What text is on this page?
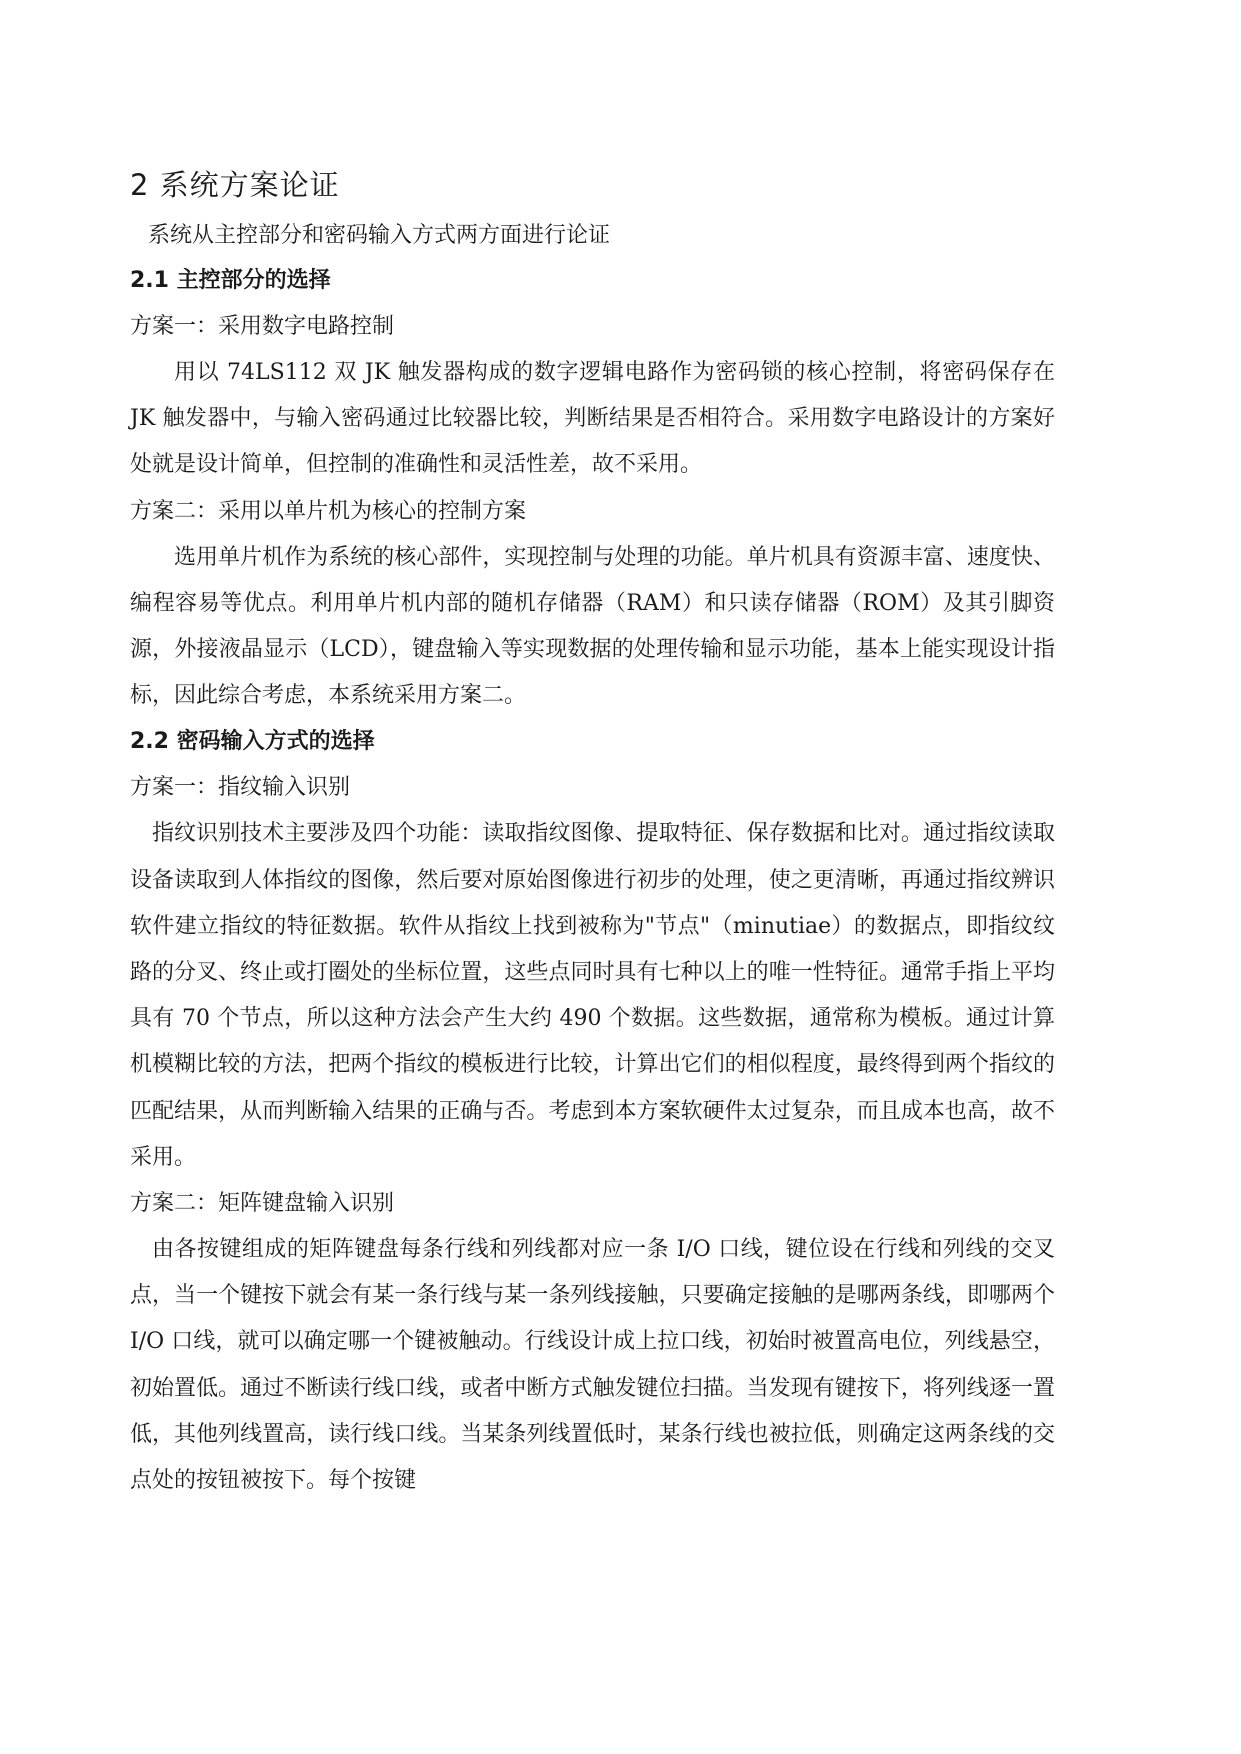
2 系统方案论证

系统从主控部分和密码输入方式两方面进行论证

2.1 主控部分的选择

方案一：采用数字电路控制

用以 74LS112 双 JK 触发器构成的数字逻辑电路作为密码锁的核心控制，将密码保存在 JK 触发器中，与输入密码通过比较器比较，判断结果是否相符合。采用数字电路设计的方案好处就是设计简单，但控制的准确性和灵活性差，故不采用。

方案二：采用以单片机为核心的控制方案

选用单片机作为系统的核心部件，实现控制与处理的功能。单片机具有资源丰富、速度快、编程容易等优点。利用单片机内部的随机存储器（RAM）和只读存储器（ROM）及其引脚资源，外接液晶显示（LCD），键盘输入等实现数据的处理传输和显示功能，基本上能实现设计指标，因此综合考虑，本系统采用方案二。

2.2 密码输入方式的选择

方案一：指纹输入识别

指纹识别技术主要涉及四个功能：读取指纹图像、提取特征、保存数据和比对。通过指纹读取设备读取到人体指纹的图像，然后要对原始图像进行初步的处理，使之更清晰，再通过指纹辨识软件建立指纹的特征数据。软件从指纹上找到被称为"节点"（minutiae）的数据点，即指纹纹路的分叉、终止或打圈处的坐标位置，这些点同时具有七种以上的唯一性特征。通常手指上平均具有 70 个节点，所以这种方法会产生大约 490 个数据。这些数据，通常称为模板。通过计算机模糊比较的方法，把两个指纹的模板进行比较，计算出它们的相似程度，最终得到两个指纹的匹配结果，从而判断输入结果的正确与否。考虑到本方案软硬件太过复杂，而且成本也高，故不采用。

方案二：矩阵键盘输入识别

由各按键组成的矩阵键盘每条行线和列线都对应一条 I/O 口线，键位设在行线和列线的交叉点，当一个键按下就会有某一条行线与某一条列线接触，只要确定接触的是哪两条线，即哪两个 I/O 口线，就可以确定哪一个键被触动。行线设计成上拉口线，初始时被置高电位，列线悬空，初始置低。通过不断读行线口线，或者中断方式触发键位扫描。当发现有键按下，将列线逐一置低，其他列线置高，读行线口线。当某条列线置低时，某条行线也被拉低，则确定这两条线的交点处的按钮被按下。每个按键
